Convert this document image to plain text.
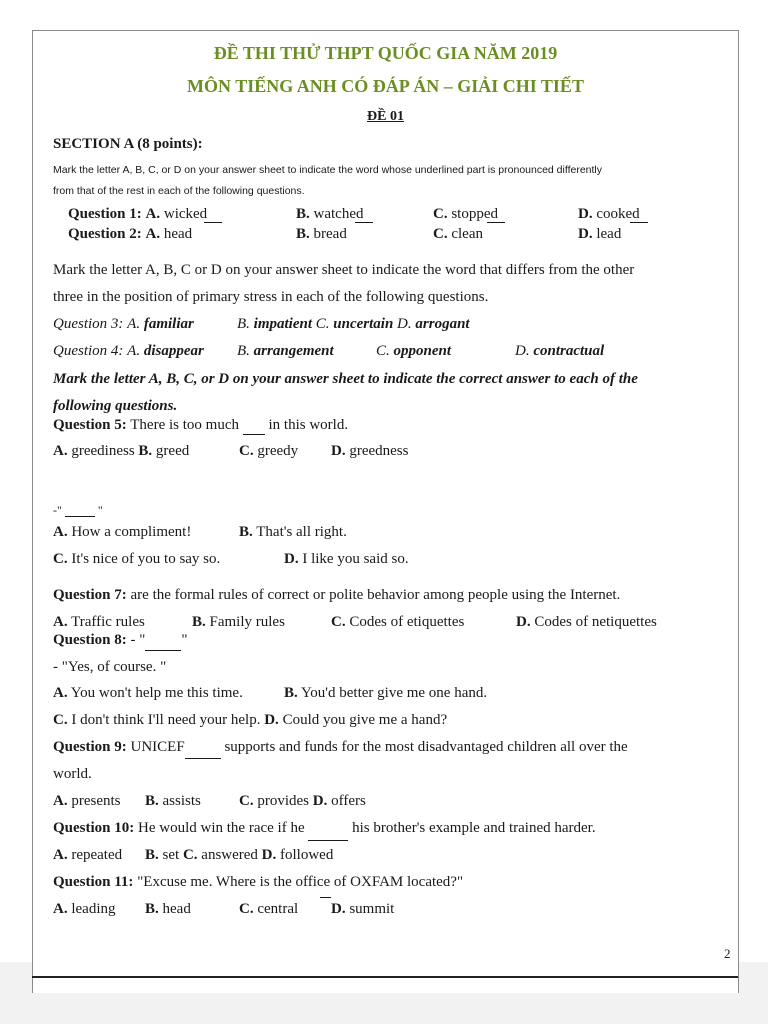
ĐỀ THI THỬ THPT QUỐC GIA NĂM 2019
MÔN TIẾNG ANH CÓ ĐÁP ÁN – GIẢI CHI TIẾT
ĐỀ 01
SECTION A (8 points):
Mark the letter A, B, C, or D on your answer sheet to indicate the word whose underlined part is pronounced differently
from that of the rest in each of the following questions.
Question 1: A. wicked	B. watched	C. stopped	D. cooked
Question 2: A. head	B. bread	C. clean	D. lead
Mark the letter A, B, C or D on your answer sheet to indicate the word that differs from the other
three in the position of primary stress in each of the following questions.
Question 3: A. familiar	B. impatient C. uncertain D. arrogant
Question 4: A. disappear B. arrangement	C. opponent	D. contractual
Mark the letter A, B, C, or D on your answer sheet to indicate the correct answer to each of the
following questions.
Question 5: There is too much in this world.
A. greediness B. greed	C. greedy D. greedness
-"	"
A. How a compliment!	B. That's all right.
C. It's nice of you to say so.	D. I like you said so.
Question 7: are the formal rules of correct or polite behavior among people using the Internet.
A. Traffic rules	B. Family rules	C. Codes of etiquettes	D. Codes of netiquettes
Question 8: - " "
- "Yes, of course. "
A. You won't help me this time.	B. You'd better give me one hand.
C. I don't think I'll need your help. D. Could you give me a hand?
Question 9: UNICEF	supports and funds for the most disadvantaged children all over the
world.
A. presents B. assists	C. provides D. offers
Question 10: He would win the race if he	his brother's example and trained harder.
A. repeated B. set C. answered D. followed
Question 11: "Excuse me. Where is the office of OXFAM located?"
A. leading B. head	C. central D. summit
2
